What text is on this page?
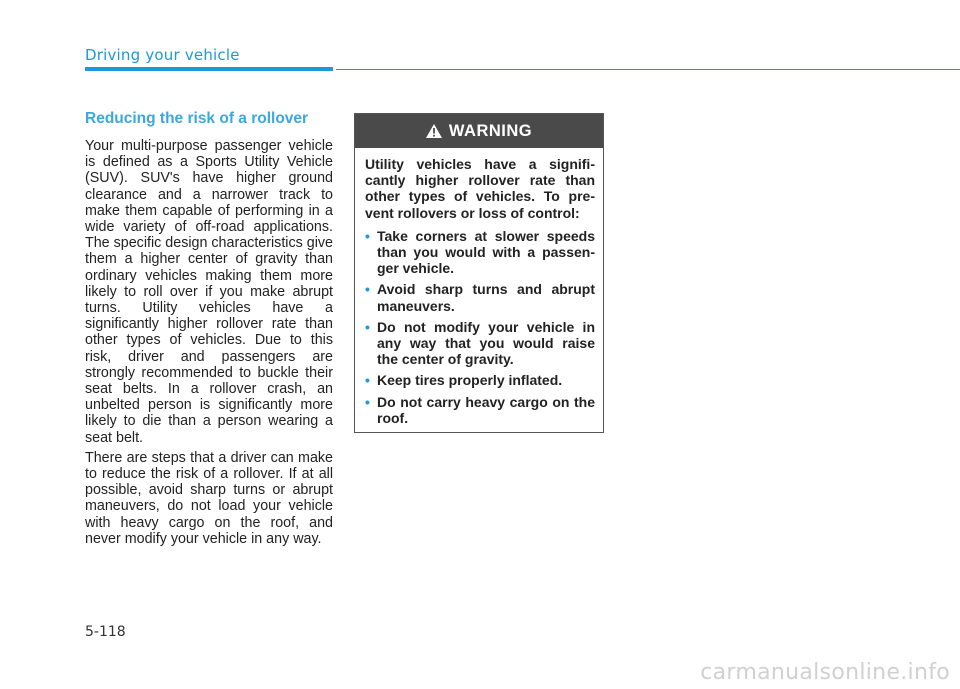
Driving your vehicle
Reducing the risk of a rollover

Your multi-purpose passenger vehicle is defined as a Sports Utility Vehicle (SUV). SUV's have higher ground clearance and a narrower track to make them capable of performing in a wide variety of off-road applications. The specific design characteristics give them a higher center of gravity than ordinary vehicles making them more likely to roll over if you make abrupt turns. Utility vehicles have a significantly higher rollover rate than other types of vehicles. Due to this risk, driver and passengers are strongly recommended to buckle their seat belts. In a rollover crash, an unbelted person is significantly more likely to die than a person wearing a seat belt.

There are steps that a driver can make to reduce the risk of a rollover. If at all possible, avoid sharp turns or abrupt maneuvers, do not load your vehicle with heavy cargo on the roof, and never modify your vehicle in any way.

WARNING

Utility vehicles have a significantly higher rollover rate than other types of vehicles. To prevent rollovers or loss of control:

• Take corners at slower speeds than you would with a passenger vehicle.
• Avoid sharp turns and abrupt maneuvers.
• Do not modify your vehicle in any way that you would raise the center of gravity.
• Keep tires properly inflated.
• Do not carry heavy cargo on the roof.
5-118
carmanualsonline.info
